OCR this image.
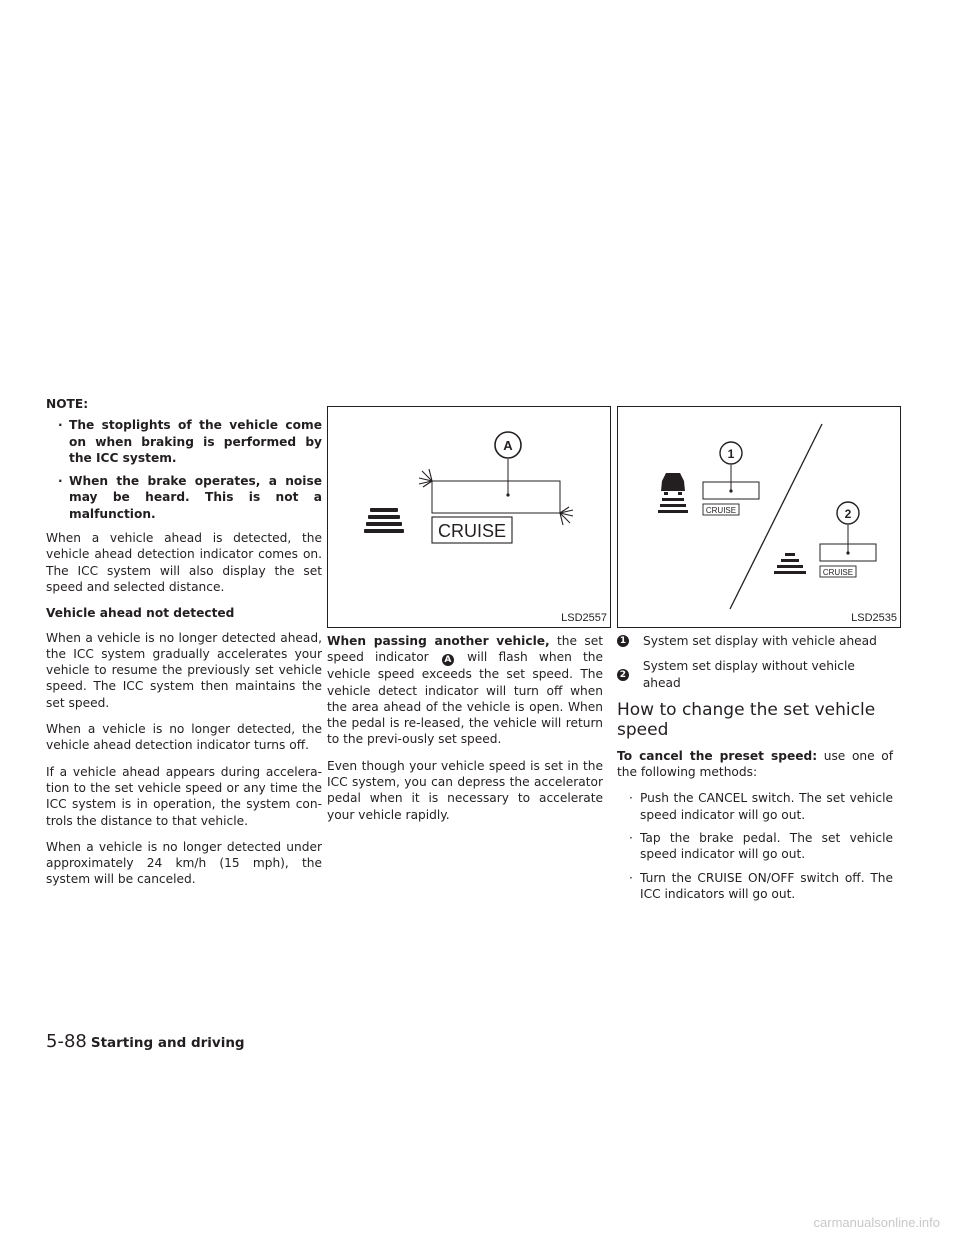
NOTE:
· The stoplights of the vehicle come on when braking is performed by the ICC system.
· When the brake operates, a noise may be heard. This is not a malfunction.

When a vehicle ahead is detected, the vehicle ahead detection indicator comes on. The ICC system will also display the set speed and selected distance.

Vehicle ahead not detected

When a vehicle is no longer detected ahead, the ICC system gradually accelerates your vehicle to resume the previously set vehicle speed. The ICC system then maintains the set speed.

When a vehicle is no longer detected, the vehicle ahead detection indicator turns off.

If a vehicle ahead appears during accelera-tion to the set vehicle speed or any time the ICC system is in operation, the system con-trols the distance to that vehicle.

When a vehicle is no longer detected under approximately 24 km/h (15 mph), the system will be canceled.

A
CRUISE
LSD2557

When passing another vehicle, the set speed indicator A will flash when the vehicle speed exceeds the set speed. The vehicle detect indicator will turn off when the area ahead of the vehicle is open. When the pedal is re-leased, the vehicle will return to the previ-ously set speed.

Even though your vehicle speed is set in the ICC system, you can depress the accelerator pedal when it is necessary to accelerate your vehicle rapidly.

1
CRUISE	2
CRUISE
LSD2535
1 System set display with vehicle ahead
2
System set display without vehicle ahead
How to change the set vehicle speed

To cancel the preset speed: use one of the following methods:

· Push the CANCEL switch. The set vehicle speed indicator will go out.
· Tap the brake pedal. The set vehicle speed indicator will go out.
· Turn the CRUISE ON/OFF switch off. The ICC indicators will go out.
5-88 Starting and driving
carmanualsonline.info
